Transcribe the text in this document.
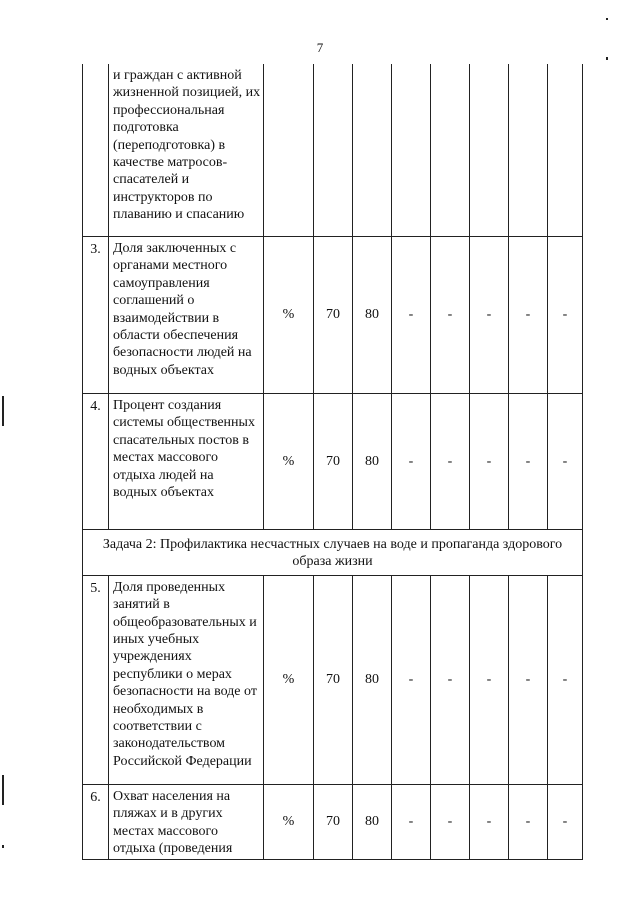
7
	и граждан с активной жизненной позицией, их профессиональная подготовка (переподготовка) в качестве матросов-спасателей и инструкторов по плаванию и спасанию								
3.	Доля заключенных с органами местного самоуправления соглашений о взаимодействии в области обеспечения безопасности людей на водных объектах	%	70	80	-	-	-	-	-
4.	Процент создания системы общественных спасательных постов в местах массового отдыха людей на водных объектах	%	70	80	-	-	-	-	-
Задача 2: Профилактика несчастных случаев на воде и пропаганда здорового образа жизни									
5.	Доля проведенных занятий в общеобразовательных и иных учебных учреждениях республики о мерах безопасности на воде от необходимых в соответствии с законодательством Российской Федерации	%	70	80	-	-	-	-	-
6.	Охват населения на пляжах и в других местах массового отдыха (проведения	%	70	80	-	-	-	-	-
